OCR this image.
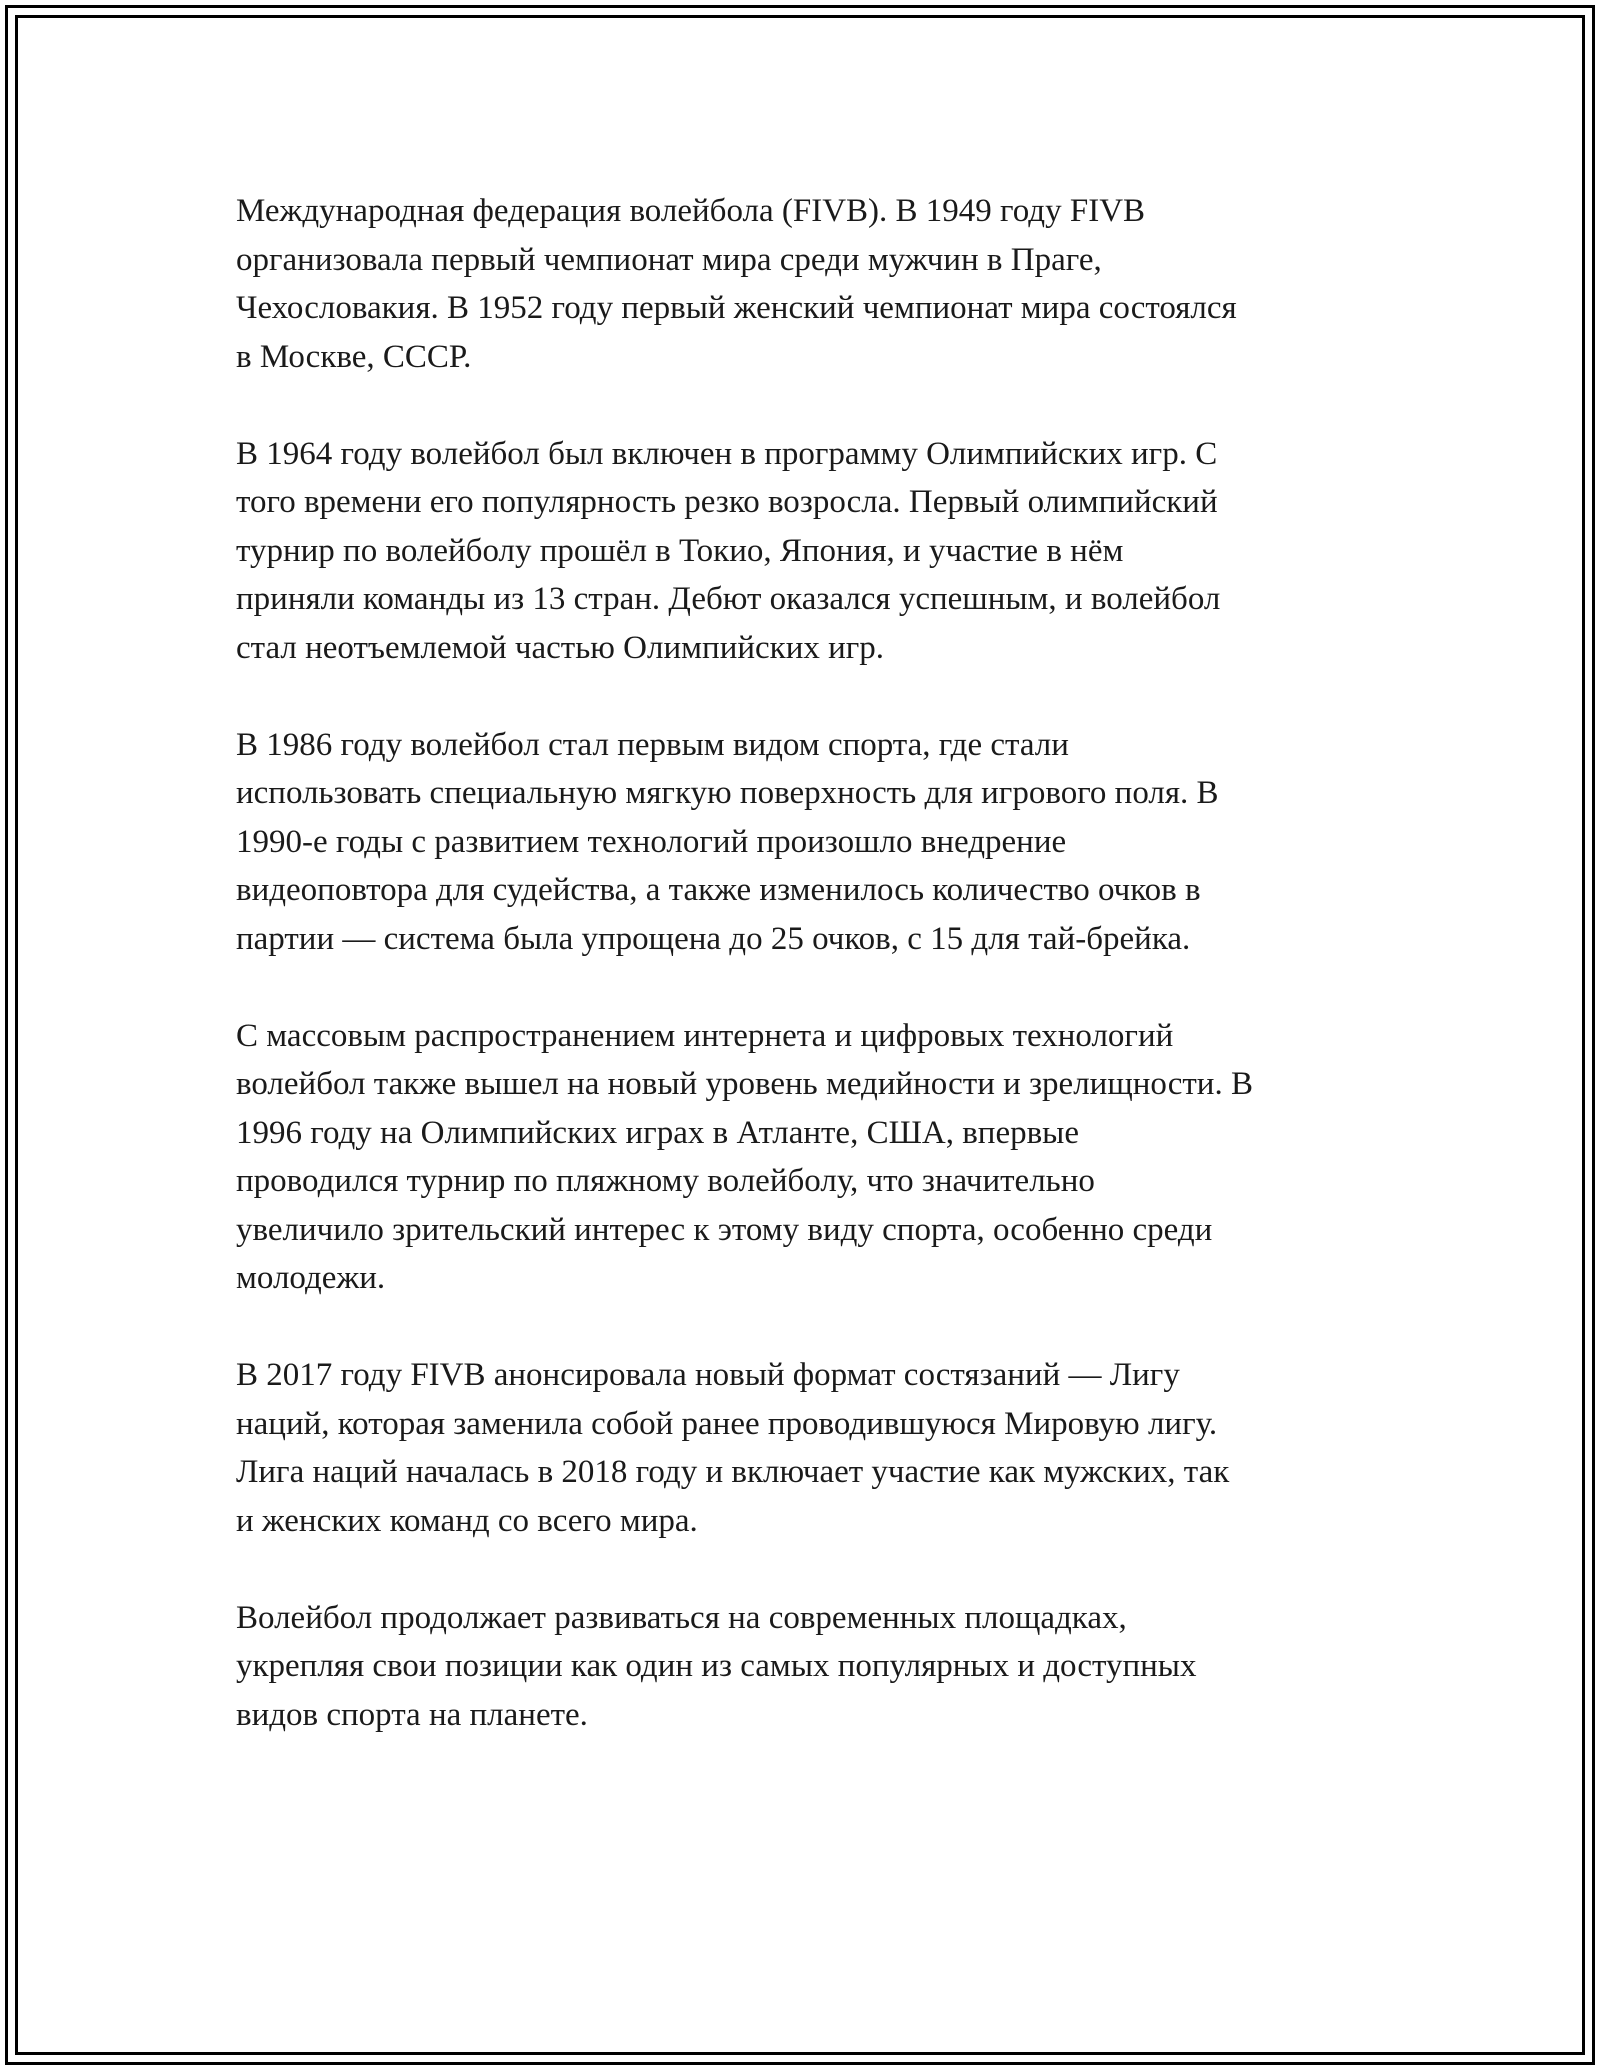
Международная федерация волейбола (FIVB). В 1949 году FIVB
организовала первый чемпионат мира среди мужчин в Праге,
Чехословакия. В 1952 году первый женский чемпионат мира состоялся
в Москве, СССР.

В 1964 году волейбол был включен в программу Олимпийских игр. С
того времени его популярность резко возросла. Первый олимпийский
турнир по волейболу прошёл в Токио, Япония, и участие в нём
приняли команды из 13 стран. Дебют оказался успешным, и волейбол
стал неотъемлемой частью Олимпийских игр.

В 1986 году волейбол стал первым видом спорта, где стали
использовать специальную мягкую поверхность для игрового поля. В
1990-е годы с развитием технологий произошло внедрение
видеоповтора для судейства, а также изменилось количество очков в
партии — система была упрощена до 25 очков, с 15 для тай-брейка.

С массовым распространением интернета и цифровых технологий
волейбол также вышел на новый уровень медийности и зрелищности. В
1996 году на Олимпийских играх в Атланте, США, впервые
проводился турнир по пляжному волейболу, что значительно
увеличило зрительский интерес к этому виду спорта, особенно среди
молодежи.

В 2017 году FIVB анонсировала новый формат состязаний — Лигу
наций, которая заменила собой ранее проводившуюся Мировую лигу.
Лига наций началась в 2018 году и включает участие как мужских, так
и женских команд со всего мира.

Волейбол продолжает развиваться на современных площадках,
укрепляя свои позиции как один из самых популярных и доступных
видов спорта на планете.
